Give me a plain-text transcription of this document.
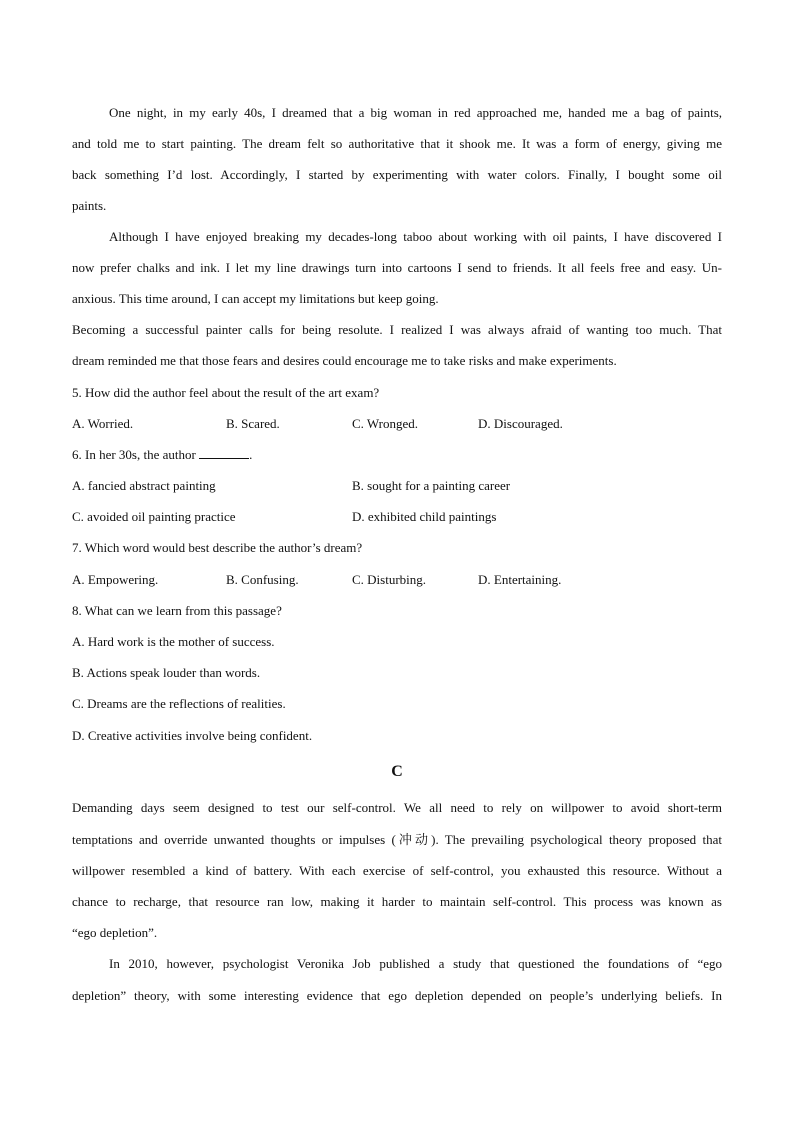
One night, in my early 40s, I dreamed that a big woman in red approached me, handed me a bag of paints,
and told me to start painting. The dream felt so authoritative that it shook me. It was a form of energy, giving me
back something I’d lost. Accordingly, I started by experimenting with water colors. Finally, I bought some oil
paints.
Although I have enjoyed breaking my decades-long taboo about working with oil paints, I have discovered I
now prefer chalks and ink. I let my line drawings turn into cartoons I send to friends. It all feels free and easy. Un-
anxious. This time around, I can accept my limitations but keep going.
Becoming a successful painter calls for being resolute. I realized I was always afraid of wanting too much. That
dream reminded me that those fears and desires could encourage me to take risks and make experiments.
5. How did the author feel about the result of the art exam?
A. Worried.	B. Scared.	C. Wronged.	D. Discouraged.
6. In her 30s, the author	.
A. fancied abstract painting	B. sought for a painting career
C. avoided oil painting practice	D. exhibited child paintings
7. Which word would best describe the author’s dream?
A. Empowering.	B. Confusing.	C. Disturbing.	D. Entertaining.
8. What can we learn from this passage?
A. Hard work is the mother of success.
B. Actions speak louder than words.
C. Dreams are the reflections of realities.
D. Creative activities involve being confident.
C
Demanding days seem designed to test our self-control. We all need to rely on willpower to avoid short-term
temptations and override unwanted thoughts or impulses (冲动). The prevailing psychological theory proposed that
willpower resembled a kind of battery. With each exercise of self-control, you exhausted this resource. Without a
chance to recharge, that resource ran low, making it harder to maintain self-control. This process was known as
“ego depletion”.
In 2010, however, psychologist Veronika Job published a study that questioned the foundations of “ego
depletion” theory, with some interesting evidence that ego depletion depended on people’s underlying beliefs. In
